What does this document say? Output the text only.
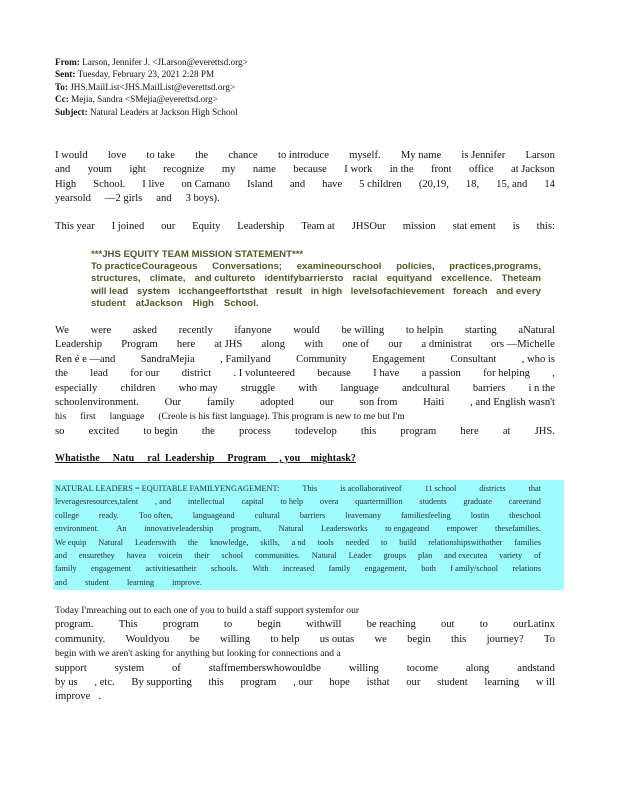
From: Larson, Jennifer J. <JLarson@everettsd.org>
Sent: Tuesday, February 23, 2021 2:28 PM
To: JHS.MailList<JHS.MailList@everettsd.org>
Cc: Mejia, Sandra <SMejia@everettsd.org>
Subject: Natural Leaders at Jackson High School
I would love to take the chance to introduce myself. My name is Jennifer Larson
and youm ight recognize my name because I work in the front office at Jackson
High School. I live on Camano Island and have 5 children (20,19, 18, 15, and 14
yearsold —2 girls and 3 boys).
This year I joined our Equity Leadership Team at JHSOur mission stat ement is this:
***JHS EQUITY TEAM MISSION STATEMENT***
To practiceCourageous Conversations; examineourschool policies, practices,programs,
structures, climate, and cultureto identifybarriersto racial equityand excellence. Theteam
will lead system icchangeeffortsthat result in high levelsofachievement foreach and every
student atJackson High School.
We were asked recently ifanyone would be willing to helpin starting aNatural
Leadership Program here at JHS along with one of our a dministrat ors —Michelle
Ren é e —and SandraMejia , Familyand Community Engagement Consultant , who is
the lead for our district . I volunteered because I have a passion for helping ,
especially children who may struggle with language andcultural barriers i n the
schoolenvironment. Our family adopted our son from Haiti , and English wasn't
his first language (Creole is his first language). This program is new to me but I'm
so excited to begin the process todevelop this program here at JHS.
Whatisthe     Natu     ral  Leadership     Program     , you    mightask?
NATURAL LEADERS = EQUITABLE FAMILYENGAGEMENT:	This	is acollaborativeof	11 school	districts	that
leveragesresources,talent , and intellectual capital to help overa quartermillion students graduate careerand
college ready. Too often, languageand cultural barriers leavemany familiesfeeling lostin theschool
environment. An innovativeleadership program, Natural Leadersworks to engageand empower thesefamilies.
We equip Natural Leaderswith the knowledge, skills, a nd tools needed to build relationshipswithother families
and ensurethey havea voicein their school communities. Natural Leader groups plan and executea variety of
family engagement activitiesattheir schools. With increased family engagement, both f amily/school relations
and student learning improve.
Today I'mreaching out to each one of you to build a staff support systemfor our
program. This program to begin withwill be reaching out to ourLatinx
community. Wouldyou be willing to help us outas we begin this journey? To
begin with we aren't asking for anything but looking for connections and a
support	system	of	staffmemberswhowouldbe	willing	tocome	along	andstand
by us , etc. By supporting this program , our hope isthat our student learning w ill
improve .
